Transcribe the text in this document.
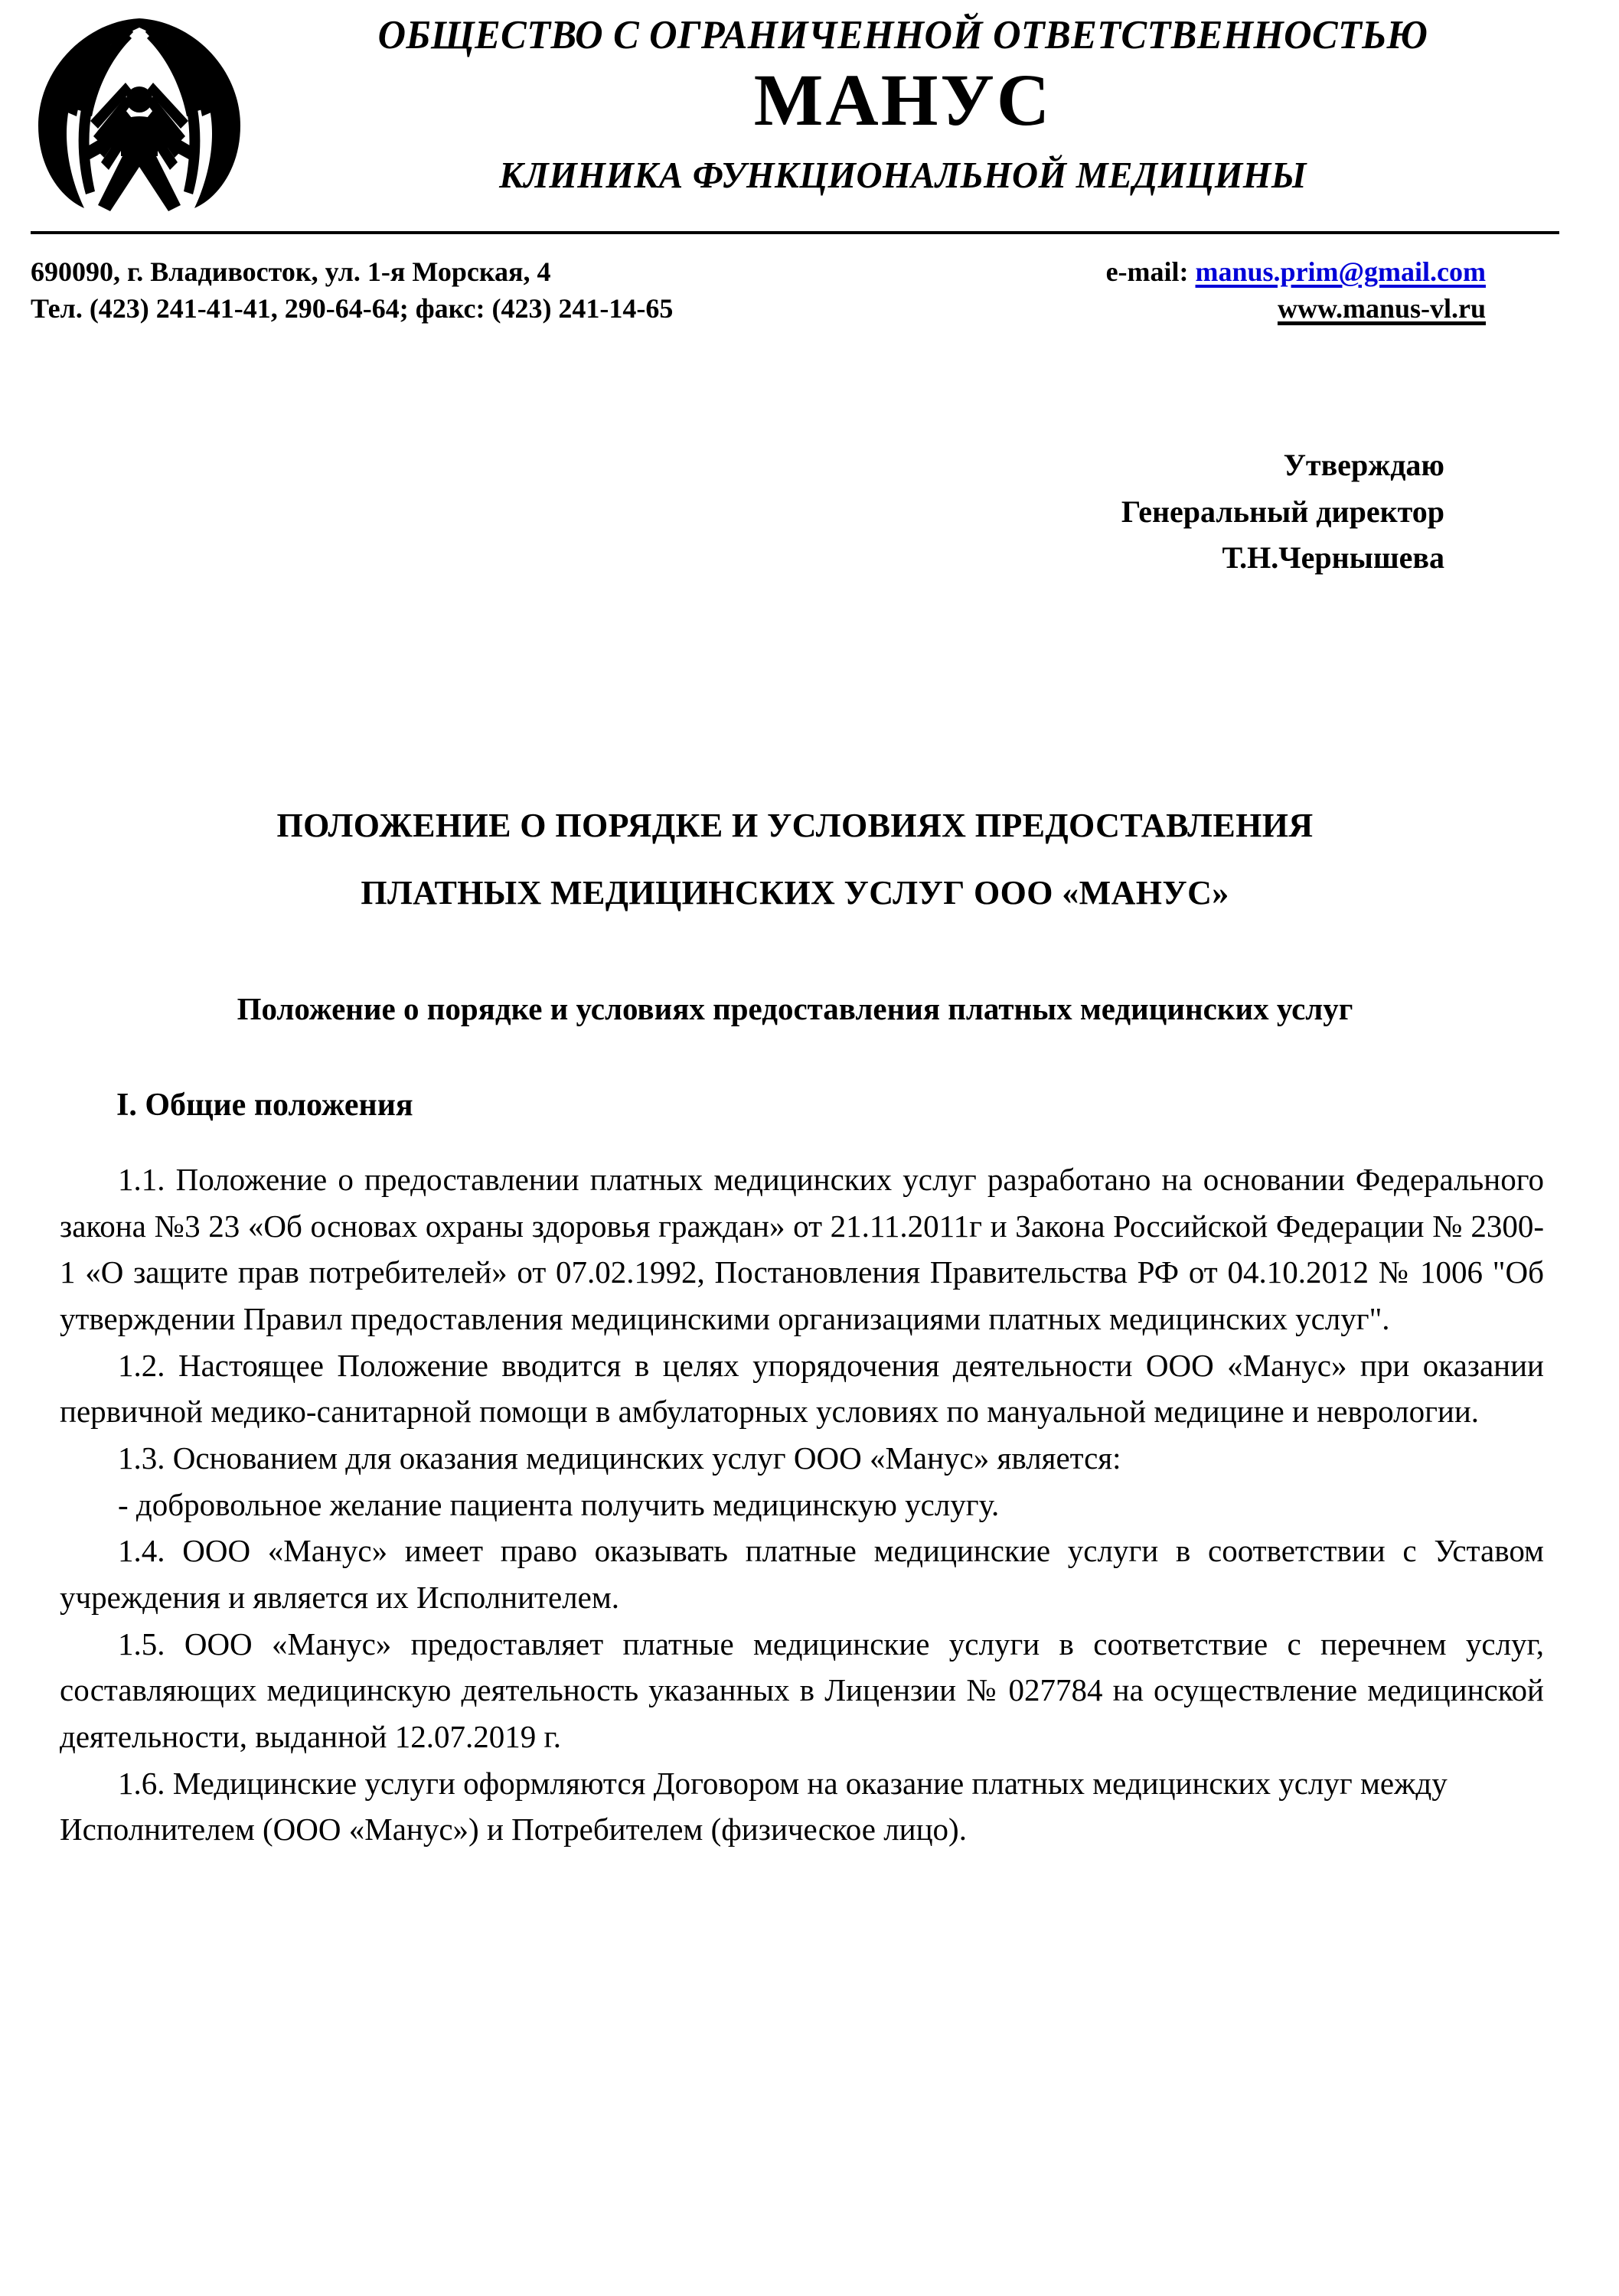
ОБЩЕСТВО С ОГРАНИЧЕННОЙ ОТВЕТСТВЕННОСТЬЮ
МАНУС
КЛИНИКА ФУНКЦИОНАЛЬНОЙ МЕДИЦИНЫ
690090, г. Владивосток, ул. 1-я Морская, 4
Тел. (423) 241-41-41, 290-64-64; факс: (423) 241-14-65
e-mail: manus.prim@gmail.com
www.manus-vl.ru
Утверждаю
Генеральный директор
Т.Н.Чернышева
ПОЛОЖЕНИЕ О ПОРЯДКЕ И УСЛОВИЯХ ПРЕДОСТАВЛЕНИЯ
ПЛАТНЫХ МЕДИЦИНСКИХ УСЛУГ ООО «МАНУС»
Положение о порядке и условиях предоставления платных медицинских услуг
I. Общие положения

1.1. Положение о предоставлении платных медицинских услуг разработано на основании Федерального закона №3 23 «Об основах охраны здоровья граждан» от 21.11.2011г и Закона Российской Федерации № 2300-1 «О защите прав потребителей» от 07.02.1992, Постановления Правительства РФ от 04.10.2012 № 1006 "Об утверждении Правил предоставления медицинскими организациями платных медицинских услуг".

1.2. Настоящее Положение вводится в целях упорядочения деятельности ООО «Манус» при оказании первичной медико-санитарной помощи в амбулаторных условиях по мануальной медицине и неврологии.

1.3. Основанием для оказания медицинских услуг ООО «Манус» является:

- добровольное желание пациента получить медицинскую услугу.

1.4. ООО «Манус» имеет право оказывать платные медицинские услуги в соответствии с Уставом учреждения и является их Исполнителем.

1.5. ООО «Манус» предоставляет платные медицинские услуги в соответствие с перечнем услуг, составляющих медицинскую деятельность указанных в Лицензии № 027784 на осуществление медицинской деятельности, выданной 12.07.2019 г.

1.6. Медицинские услуги оформляются Договором на оказание платных медицинских услуг между Исполнителем (ООО «Манус») и Потребителем (физическое лицо).
